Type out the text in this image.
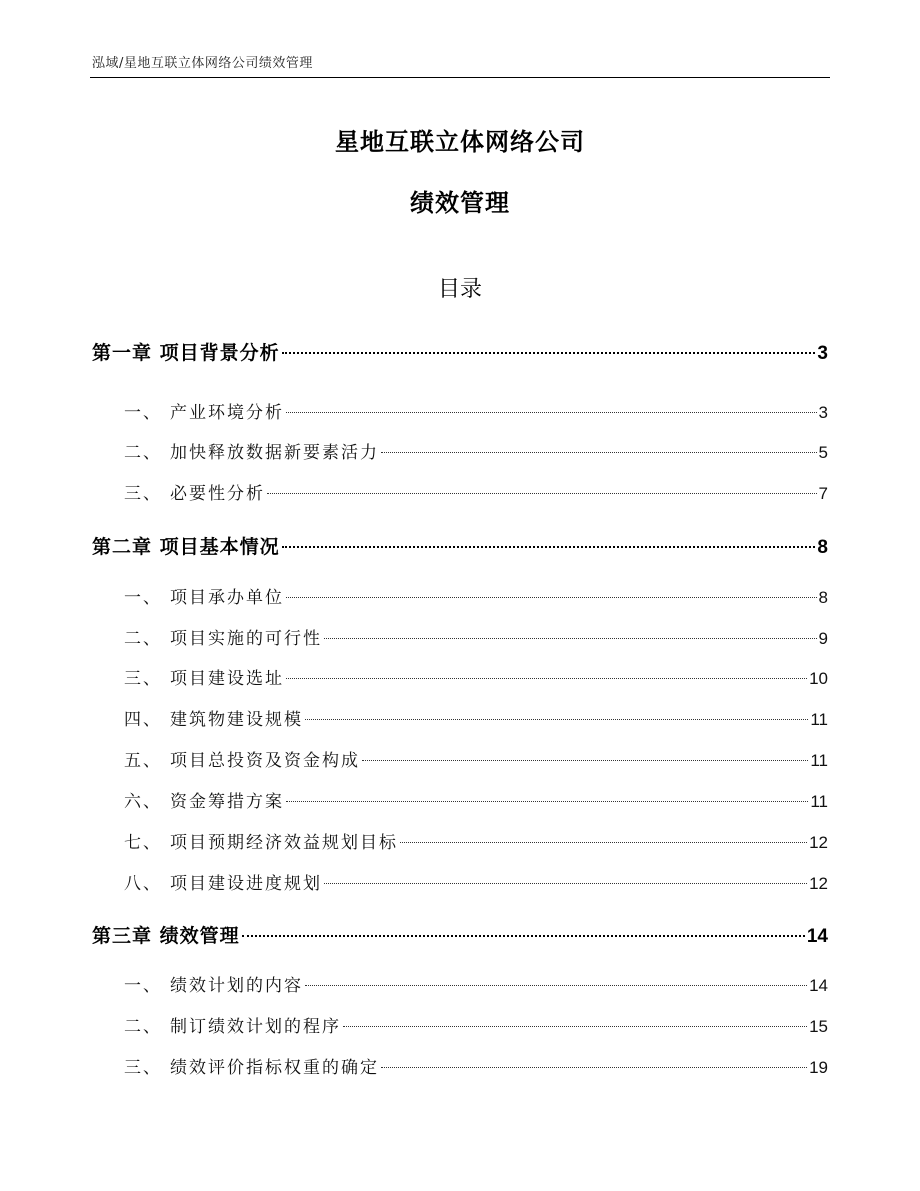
泓域/星地互联立体网络公司绩效管理
星地互联立体网络公司
绩效管理
目录
第一章 项目背景分析	3
一、 产业环境分析	3
二、 加快释放数据新要素活力	5
三、 必要性分析	7
第二章 项目基本情况	8
一、 项目承办单位	8
二、 项目实施的可行性	9
三、 项目建设选址	10
四、 建筑物建设规模	11
五、 项目总投资及资金构成	11
六、 资金筹措方案	11
七、 项目预期经济效益规划目标	12
八、 项目建设进度规划	12
第三章 绩效管理	14
一、 绩效计划的内容	14
二、 制订绩效计划的程序	15
三、 绩效评价指标权重的确定	19
